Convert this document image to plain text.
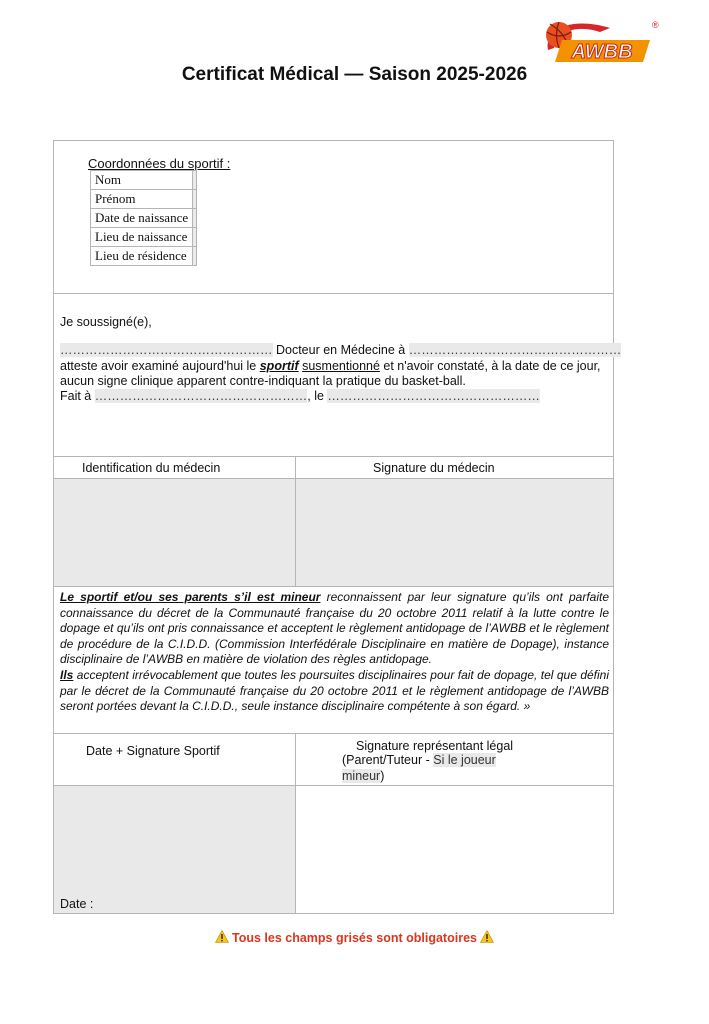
AWBB
®
Certificat Médical — Saison 2025-2026
Coordonnées du sportif :
Nom	
Prénom	
Date de naissance	
Lieu de naissance	
Lieu de résidence	
Je soussigné(e),
…………………………………………… Docteur en Médecine à ……………………………………………
atteste avoir examiné aujourd'hui le sportif susmentionné et n'avoir constaté, à la date de ce jour,
aucun signe clinique apparent contre-indiquant la pratique du basket-ball.
Fait à ……………………………………………, le ……………………………………………
Identification du médecin	Signature du médecin
Le sportif et/ou ses parents s’il est mineur reconnaissent par leur signature qu’ils ont parfaite connaissance du décret de la Communauté française du 20 octobre 2011 relatif à la lutte contre le dopage et qu’ils ont pris connaissance et acceptent le règlement antidopage de l’AWBB et le règlement de procédure de la C.I.D.D. (Commission Interfédérale Disciplinaire en matière de Dopage), instance disciplinaire de l’AWBB en matière de violation des règles antidopage.
Ils acceptent irrévocablement que toutes les poursuites disciplinaires pour fait de dopage, tel que défini par le décret de la Communauté française du 20 octobre 2011 et le règlement antidopage de l’AWBB seront portées devant la C.I.D.D., seule instance disciplinaire compétente à son égard. »
Date + Signature Sportif	Signature représentant légal
(Parent/Tuteur - Si le joueur mineur)
Date :
Tous les champs grisés sont obligatoires
